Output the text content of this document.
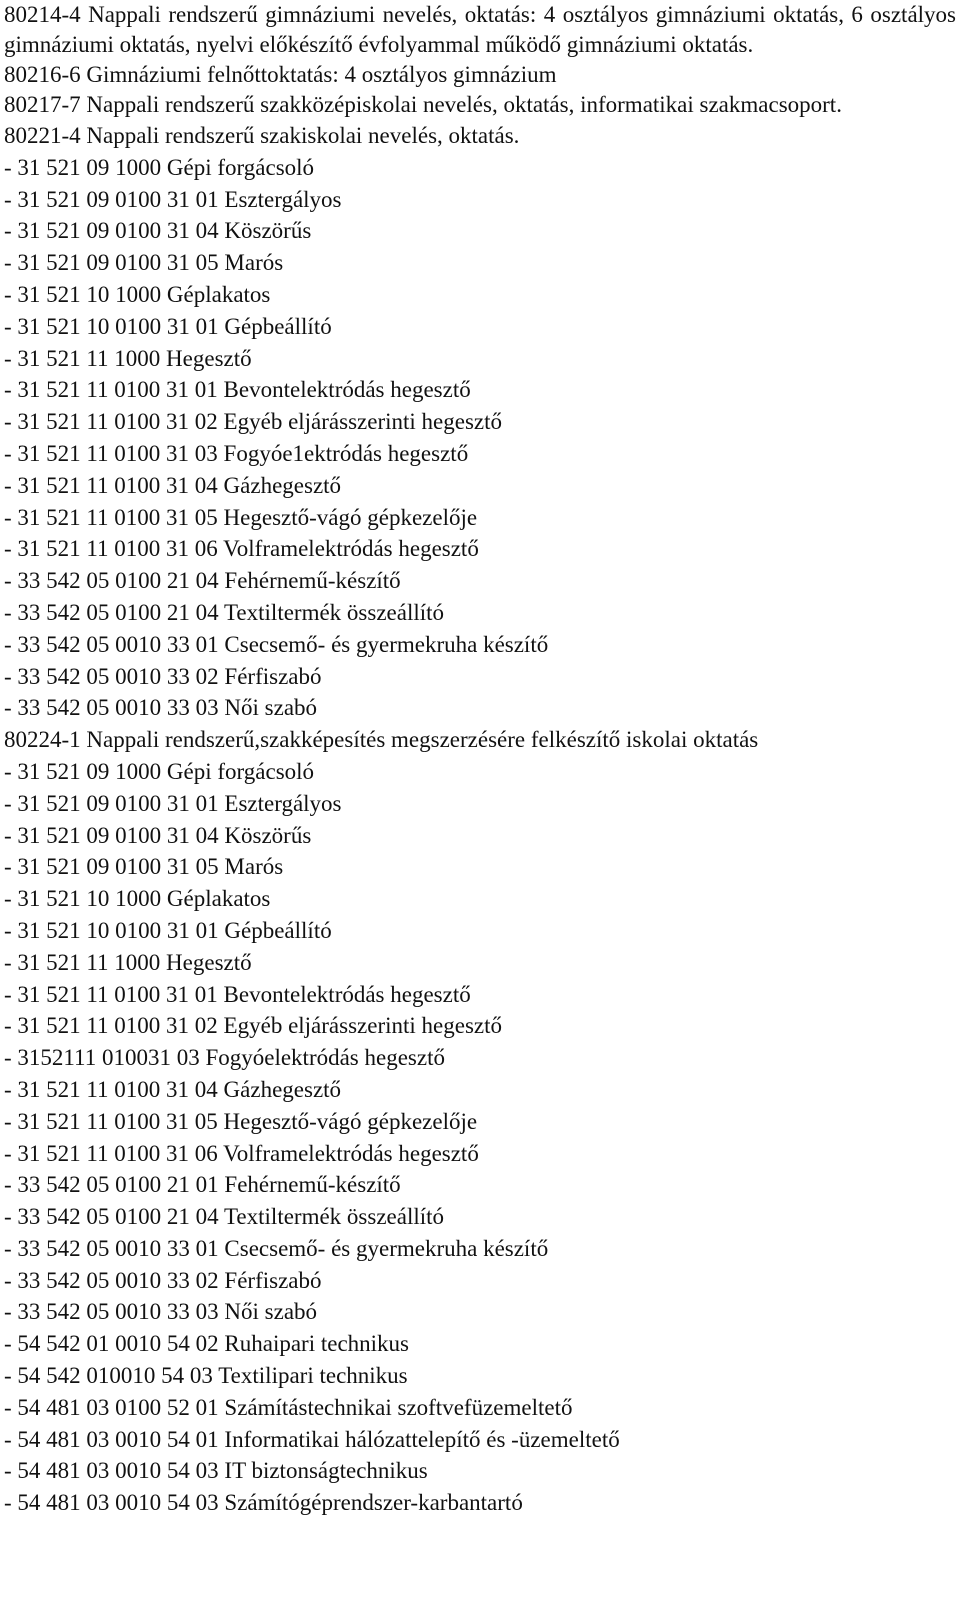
80214-4 Nappali rendszerű gimnáziumi nevelés, oktatás: 4 osztályos gimnáziumi oktatás, 6 osztályos gimnáziumi oktatás, nyelvi előkészítő évfolyammal működő gimnáziumi oktatás.

80216-6 Gimnáziumi felnőttoktatás: 4 osztályos gimnázium

80217-7 Nappali rendszerű szakközépiskolai nevelés, oktatás, informatikai szakmacsoport.

80221-4 Nappali rendszerű szakiskolai nevelés, oktatás.
- 31 521 09 1000 Gépi forgácsoló
- 31 521 09 0100 31 01 Esztergályos
- 31 521 09 0100 31 04 Köszörűs
- 31 521 09 0100 31 05 Marós
- 31 521 10 1000 Géplakatos
- 31 521 10 0100 31 01 Gépbeállító
- 31 521 11 1000 Hegesztő
- 31 521 11 0100 31 01 Bevontelektródás hegesztő
- 31 521 11 0100 31 02 Egyéb eljárásszerinti hegesztő
- 31 521 11 0100 31 03 Fogyóe1ektródás hegesztő
- 31 521 11 0100 31 04 Gázhegesztő
- 31 521 11 0100 31 05 Hegesztő-vágó gépkezelője
- 31 521 11 0100 31 06 Volframelektródás hegesztő
- 33 542 05 0100 21 04 Fehérnemű-készítő
- 33 542 05 0100 21 04 Textiltermék összeállító
- 33 542 05 0010 33 01 Csecsemő- és gyermekruha készítő
- 33 542 05 0010 33 02 Férfiszabó
- 33 542 05 0010 33 03 Női szabó
80224-1 Nappali rendszerű,szakképesítés megszerzésére felkészítő iskolai oktatás
- 31 521 09 1000 Gépi forgácsoló
- 31 521 09 0100 31 01 Esztergályos
- 31 521 09 0100 31 04 Köszörűs
- 31 521 09 0100 31 05 Marós
- 31 521 10 1000 Géplakatos
- 31 521 10 0100 31 01 Gépbeállító
- 31 521 11 1000 Hegesztő
- 31 521 11 0100 31 01 Bevontelektródás hegesztő
- 31 521 11 0100 31 02 Egyéb eljárásszerinti hegesztő
- 3152111 010031 03 Fogyóelektródás hegesztő
- 31 521 11 0100 31 04 Gázhegesztő
- 31 521 11 0100 31 05 Hegesztő-vágó gépkezelője
- 31 521 11 0100 31 06 Volframelektródás hegesztő
- 33 542 05 0100 21 01 Fehérnemű-készítő
- 33 542 05 0100 21 04 Textiltermék összeállító
- 33 542 05 0010 33 01 Csecsemő- és gyermekruha készítő
- 33 542 05 0010 33 02 Férfiszabó
- 33 542 05 0010 33 03 Női szabó
- 54 542 01 0010 54 02 Ruhaipari technikus
- 54 542 010010 54 03 Textilipari technikus
- 54 481 03 0100 52 01 Számítástechnikai szoftvefüzemeltető
- 54 481 03 0010 54 01 Informatikai hálózattelepítő és -üzemeltető
- 54 481 03 0010 54 03 IT biztonságtechnikus
- 54 481 03 0010 54 03 Számítógéprendszer-karbantartó
